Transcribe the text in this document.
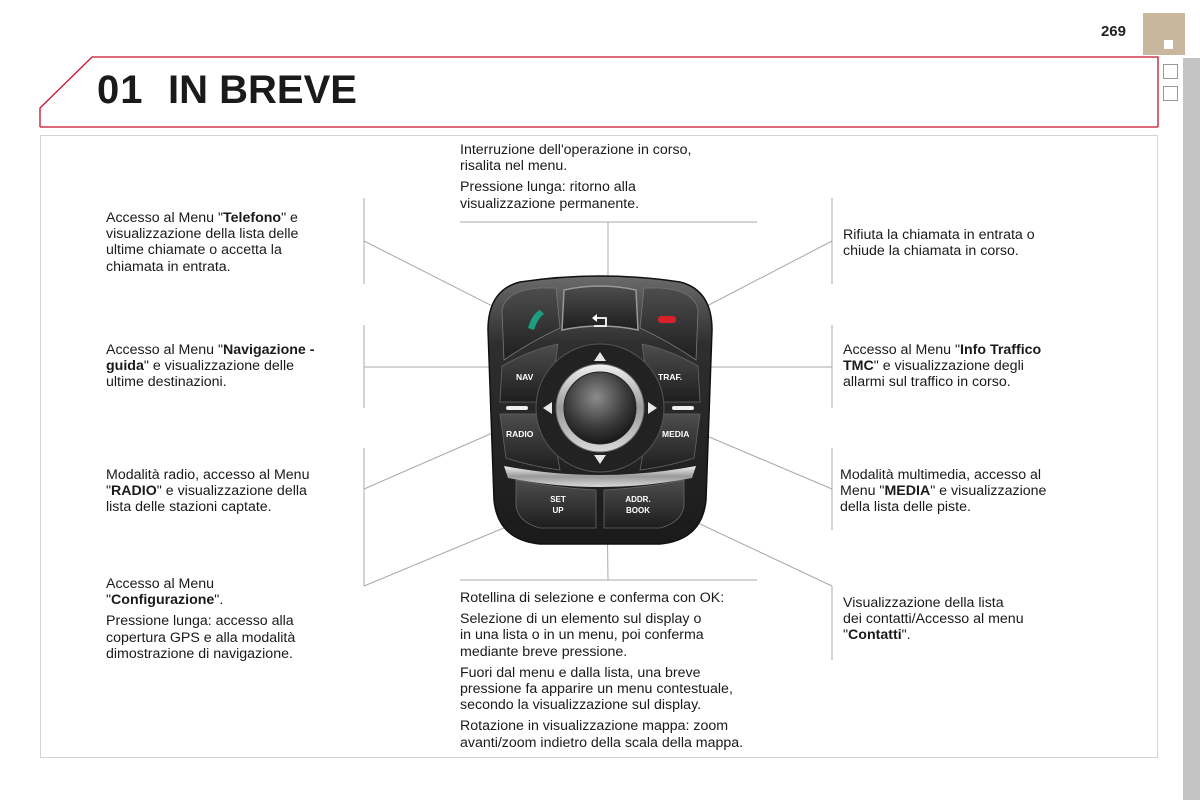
269
01 IN BREVE
NAV	TRAF.
RADIO	MEDIA
SET
UP
ADDR.
BOOK
Interruzione dell'operazione in corso,
risalita nel menu.
Pressione lunga: ritorno alla
visualizzazione permanente.
Accesso al Menu "Telefono" e
visualizzazione della lista delle
ultime chiamate o accetta la
chiamata in entrata.
Rifiuta la chiamata in entrata o
chiude la chiamata in corso.
Accesso al Menu "Navigazione -
guida" e visualizzazione delle
ultime destinazioni.
Accesso al Menu "Info Traffico
TMC" e visualizzazione degli
allarmi sul traffico in corso.
Modalità radio, accesso al Menu
"RADIO" e visualizzazione della
lista delle stazioni captate.
Modalità multimedia, accesso al
Menu "MEDIA" e visualizzazione
della lista delle piste.
Accesso al Menu
"Configurazione".
Pressione lunga: accesso alla
copertura GPS e alla modalità
dimostrazione di navigazione.
Rotellina di selezione e conferma con OK:
Selezione di un elemento sul display o
in una lista o in un menu, poi conferma
mediante breve pressione.
Fuori dal menu e dalla lista, una breve
pressione fa apparire un menu contestuale,
secondo la visualizzazione sul display.
Rotazione in visualizzazione mappa: zoom
avanti/zoom indietro della scala della mappa.
Visualizzazione della lista
dei contatti/Accesso al menu
"Contatti".
